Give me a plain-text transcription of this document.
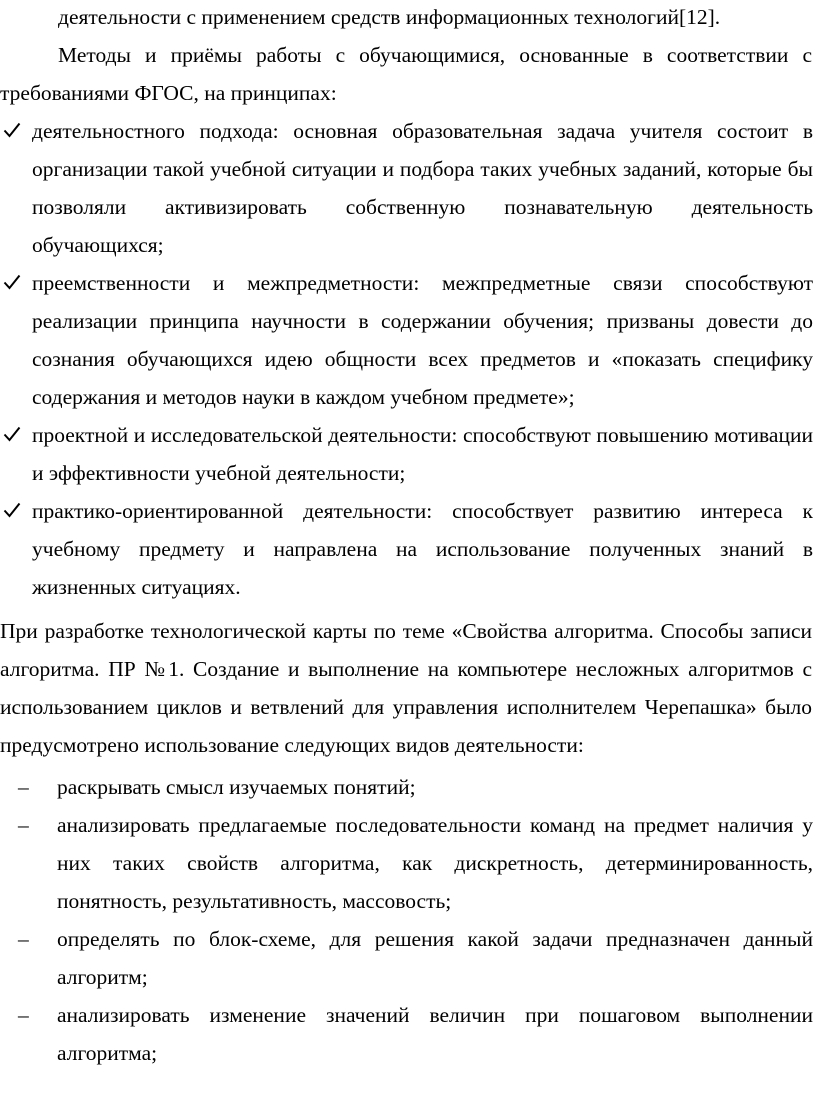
деятельности с применением средств информационных технологий[12].

Методы и приёмы работы с обучающимися, основанные в соответствии с требованиями ФГОС, на принципах:

деятельностного подхода: основная образовательная задача учителя состоит в организации такой учебной ситуации и подбора таких учебных заданий, которые бы позволяли активизировать собственную познавательную деятельность обучающихся;
преемственности и межпредметности: межпредметные связи способствуют реализации принципа научности в содержании обучения; призваны довести до сознания обучающихся идею общности всех предметов и «показать специфику содержания и методов науки в каждом учебном предмете»;
проектной и исследовательской деятельности: способствуют повышению мотивации и эффективности учебной деятельности;
практико-ориентированной деятельности: способствует развитию интереса к учебному предмету и направлена на использование полученных знаний в жизненных ситуациях.

При разработке технологической карты по теме «Свойства алгоритма. Способы записи алгоритма. ПР №1. Создание и выполнение на компьютере несложных алгоритмов с использованием циклов и ветвлений для управления исполнителем Черепашка» было предусмотрено использование следующих видов деятельности:

– раскрывать смысл изучаемых понятий;
– анализировать предлагаемые последовательности команд на предмет наличия у них таких свойств алгоритма, как дискретность, детерминированность, понятность, результативность, массовость;
– определять по блок-схеме, для решения какой задачи предназначен данный алгоритм;
– анализировать изменение значений величин при пошаговом выполнении алгоритма;
